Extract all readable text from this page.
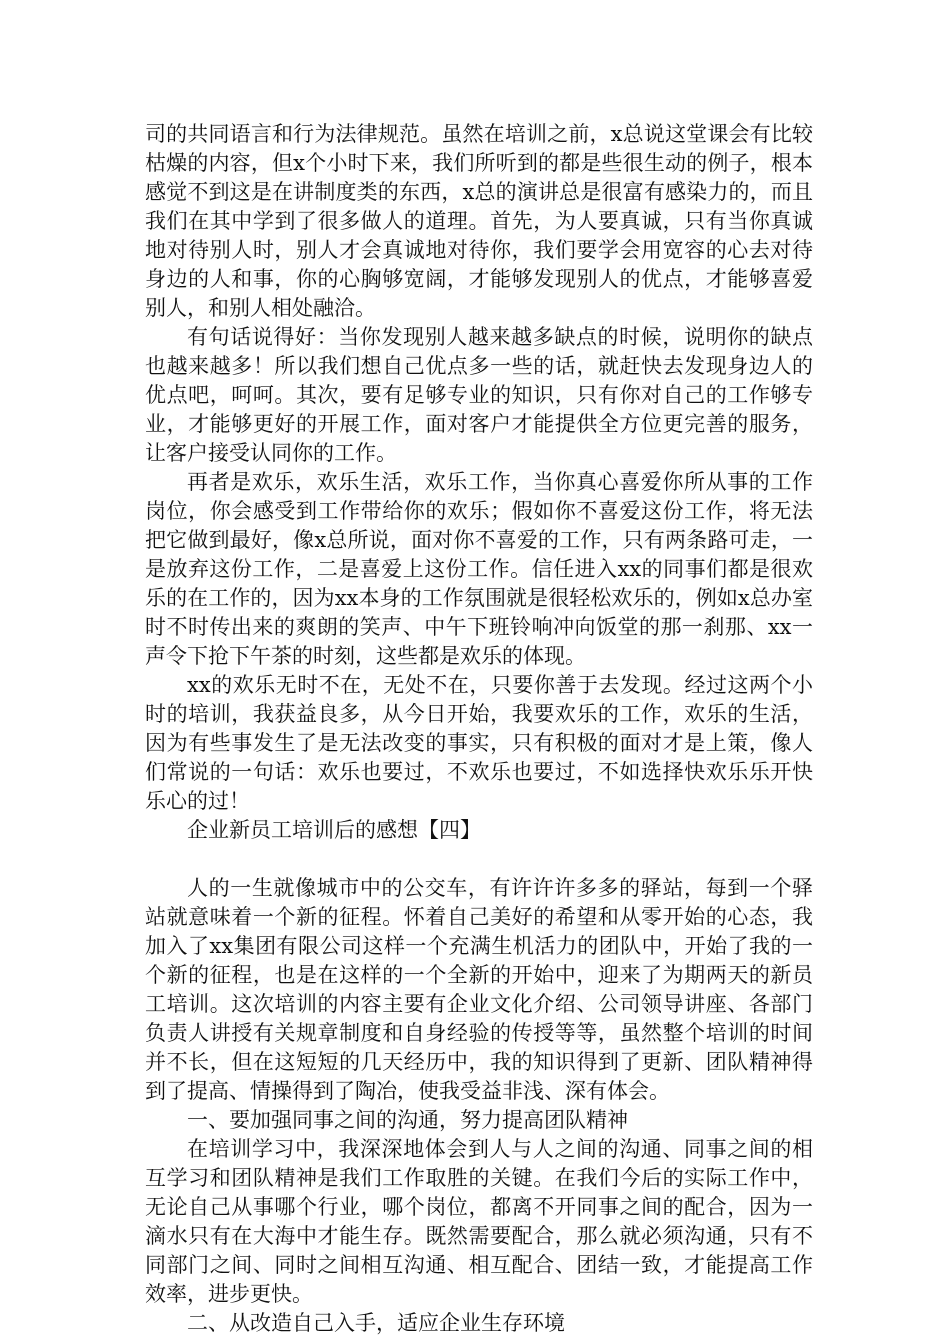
司的共同语言和行为法律规范。虽然在培训之前，x总说这堂课会有比较枯燥的内容，但x个小时下来，我们所听到的都是些很生动的例子，根本感觉不到这是在讲制度类的东西，x总的演讲总是很富有感染力的，而且我们在其中学到了很多做人的道理。首先，为人要真诚，只有当你真诚地对待别人时，别人才会真诚地对待你，我们要学会用宽容的心去对待身边的人和事，你的心胸够宽阔，才能够发现别人的优点，才能够喜爱别人，和别人相处融洽。

有句话说得好：当你发现别人越来越多缺点的时候，说明你的缺点也越来越多！所以我们想自己优点多一些的话，就赶快去发现身边人的优点吧，呵呵。其次，要有足够专业的知识，只有你对自己的工作够专业，才能够更好的开展工作，面对客户才能提供全方位更完善的服务，让客户接受认同你的工作。

再者是欢乐，欢乐生活，欢乐工作，当你真心喜爱你所从事的工作岗位，你会感受到工作带给你的欢乐；假如你不喜爱这份工作，将无法把它做到最好，像x总所说，面对你不喜爱的工作，只有两条路可走，一是放弃这份工作，二是喜爱上这份工作。信任进入xx的同事们都是很欢乐的在工作的，因为xx本身的工作氛围就是很轻松欢乐的，例如x总办室时不时传出来的爽朗的笑声、中午下班铃响冲向饭堂的那一刹那、xx一声令下抢下午茶的时刻，这些都是欢乐的体现。

xx的欢乐无时不在，无处不在，只要你善于去发现。经过这两个小时的培训，我获益良多，从今日开始，我要欢乐的工作，欢乐的生活，因为有些事发生了是无法改变的事实，只有积极的面对才是上策，像人们常说的一句话：欢乐也要过，不欢乐也要过，不如选择快欢乐乐开快乐心的过！

企业新员工培训后的感想【四】

人的一生就像城市中的公交车，有许许许多多的驿站，每到一个驿站就意味着一个新的征程。怀着自己美好的希望和从零开始的心态，我加入了xx集团有限公司这样一个充满生机活力的团队中，开始了我的一个新的征程，也是在这样的一个全新的开始中，迎来了为期两天的新员工培训。这次培训的内容主要有企业文化介绍、公司领导讲座、各部门负责人讲授有关规章制度和自身经验的传授等等，虽然整个培训的时间并不长，但在这短短的几天经历中，我的知识得到了更新、团队精神得到了提高、情操得到了陶冶，使我受益非浅、深有体会。

一、要加强同事之间的沟通，努力提高团队精神

在培训学习中，我深深地体会到人与人之间的沟通、同事之间的相互学习和团队精神是我们工作取胜的关键。在我们今后的实际工作中，无论自己从事哪个行业，哪个岗位，都离不开同事之间的配合，因为一滴水只有在大海中才能生存。既然需要配合，那么就必须沟通，只有不同部门之间、同时之间相互沟通、相互配合、团结一致，才能提高工作效率，进步更快。

二、从改造自己入手，适应企业生存环境
